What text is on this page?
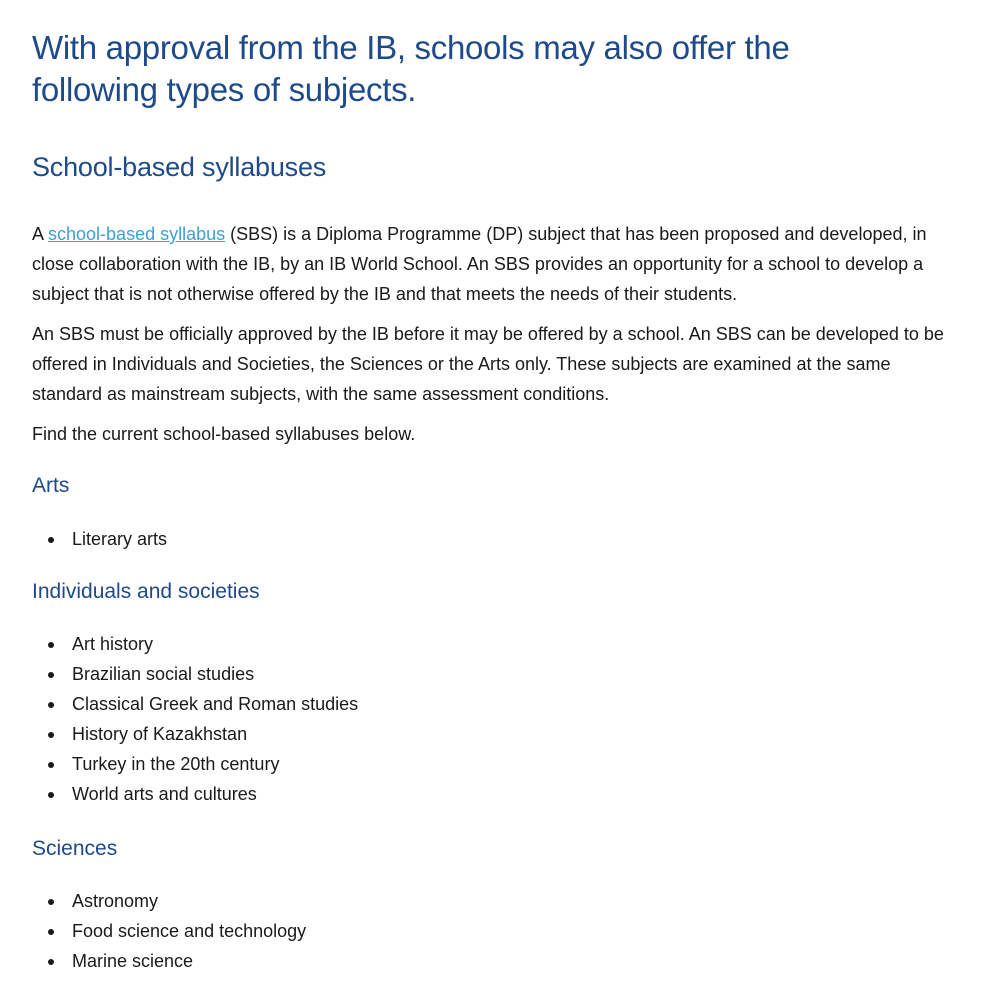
With approval from the IB, schools may also offer the following types of subjects.
School-based syllabuses

A school-based syllabus (SBS) is a Diploma Programme (DP) subject that has been proposed and developed, in close collaboration with the IB, by an IB World School. An SBS provides an opportunity for a school to develop a subject that is not otherwise offered by the IB and that meets the needs of their students.

An SBS must be officially approved by the IB before it may be offered by a school. An SBS can be developed to be offered in Individuals and Societies, the Sciences or the Arts only. These subjects are examined at the same standard as mainstream subjects, with the same assessment conditions.

Find the current school-based syllabuses below.

Arts
Literary arts
Individuals and societies
Art history
Brazilian social studies
Classical Greek and Roman studies
History of Kazakhstan
Turkey in the 20th century
World arts and cultures
Sciences
Astronomy
Food science and technology
Marine science
